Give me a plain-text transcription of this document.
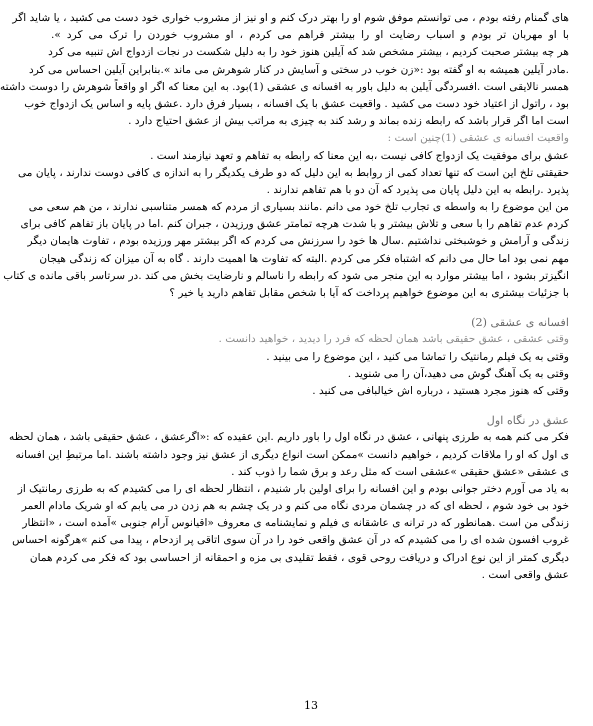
های گمنام رفته بودم ، می توانستم موفق شوم او را بهتر درک کنم و او نیز از مشروب خواری خود دست می کشید ، یا شاید اگر
با او مهربان تر بودم و اسباب رضایت او را بیشتر فراهم می کردم ، او مشروب خوردن را ترک می کرد ».
هر چه بیشتر صحبت کردیم ، بیشتر مشخص شد که آیلین هنوز خود را به دلیل شکست در نجات ازدواج اش تنبیه می کرد
.مادر آیلین همیشه به او گفته بود :«زن خوب در سختی و آسایش در کنار شوهرش می ماند ».بنابراین آیلین احساس می کرد
همسر نالایقی است .افسردگی آیلین به دلیل باور به افسانه ی عشقی (1)بود. به این معنا که اگر او واقعاً شوهرش را دوست داشته
بود ، راتول از اعتیاد خود دست می کشید . واقعیت عشق با یک افسانه ، بسیار فرق دارد .عشق پایه و اساس یک ازدواج خوب
است اما اگر قرار باشد که رابطه زنده بماند و رشد کند به چیزی به مراتب بیش از عشق احتیاج دارد .
واقعیت افسانه ی عشقی (1)چنین است :
عشق برای موفقیت یک ازدواج کافی نیست ،به این معنا که رابطه به تفاهم و تعهد نیازمند است .
حقیقتی تلخ این است که تنها تعداد کمی از روابط به این دلیل که دو طرف یکدیگر را به اندازه ی کافی دوست ندارند ، پایان می
پذیرد .رابطه به این دلیل پایان می پذیرد که آن دو با هم تفاهم ندارند .
من این موضوع را به واسطه ی تجارب تلخ خود می دانم .مانند بسیاری از مردم که همسر متناسبی ندارند ، من هم سعی می
کردم عدم تفاهم را با سعی و تلاش بیشتر و با شدت هرچه تمامتر عشق ورزیدن ، جبران کنم .اما در پایان باز تفاهم کافی برای
زندگی و آرامش و خوشبختی نداشتیم .سال ها خود را سرزنش می کردم که اگر بیشتر مهر ورزیده بودم ، تفاوت هایمان دیگر
مهم نمی بود اما حال می دانم که اشتباه فکر می کردم .البته که تفاوت ها اهمیت دارند . گاه به آن میزان که زندگی هیجان
انگیزتر بشود ، اما بیشتر موارد به این منجر می شود که رابطه را ناسالم و نارضایت بخش می کند .در سرتاسر باقی مانده ی کتاب
با جزئیات بیشتری به این موضوع خواهیم پرداخت که آیا با شخص مقابل تفاهم دارید یا خیر ؟
افسانه ی عشقی (2)
وقتی عشقی ، عشق حقیقی باشد همان لحظه که فرد را دیدید ، خواهید دانست .
وقتی به یک فیلم رمانتیک را تماشا می کنید ، این موضوع را می بینید .
وقتی به یک آهنگ گوش می دهید،آن را می شنوید .
وقتی که هنوز مجرد هستید ، درباره اش خیالبافی می کنید .
عشق در نگاه اول
فکر می کنم همه به طرزی پنهانی ، عشق در نگاه اول را باور داریم .این عقیده که :«اگرعشق ، عشق حقیقی باشد ، همان لحظه
ی اول که او را ملاقات کردیم ، خواهیم دانست »ممکن است انواع دیگری از عشق نیز وجود داشته باشند .اما مرتبطِ این افسانه
ی عشقی «عشق حقیقی »عشقی است که مثل رعد و برق شما را ذوب کند .
به یاد می آورم دختر جوانی بودم و این افسانه را برای اولین بار شنیدم ، انتظار لحظه ای را می کشیدم که به طرزی رمانتیک از
خود بی خود شوم ، لحظه ای که در چشمان مردی نگاه می کنم و در یک چشم به هم زدن در می یابم که او شریک مادام العمر
زندگی من است .همانطور که در ترانه ی عاشقانه ی فیلم و نمایشنامه ی معروف «اقیانوس آرام جنوبی »آمده است ، «انتظار
غروب افسون شده ای را می کشیدم که در آن عشق واقعی خود را در آن سوی اتاقی پر ازدحام ، پیدا می کنم »هرگونه احساس
دیگری کمتر از این نوع ادراک و دریافت روحی قوی ، فقط تقلیدی بی مزه و احمقانه از احساسی بود که فکر می کردم همان
عشق واقعی است .
13
